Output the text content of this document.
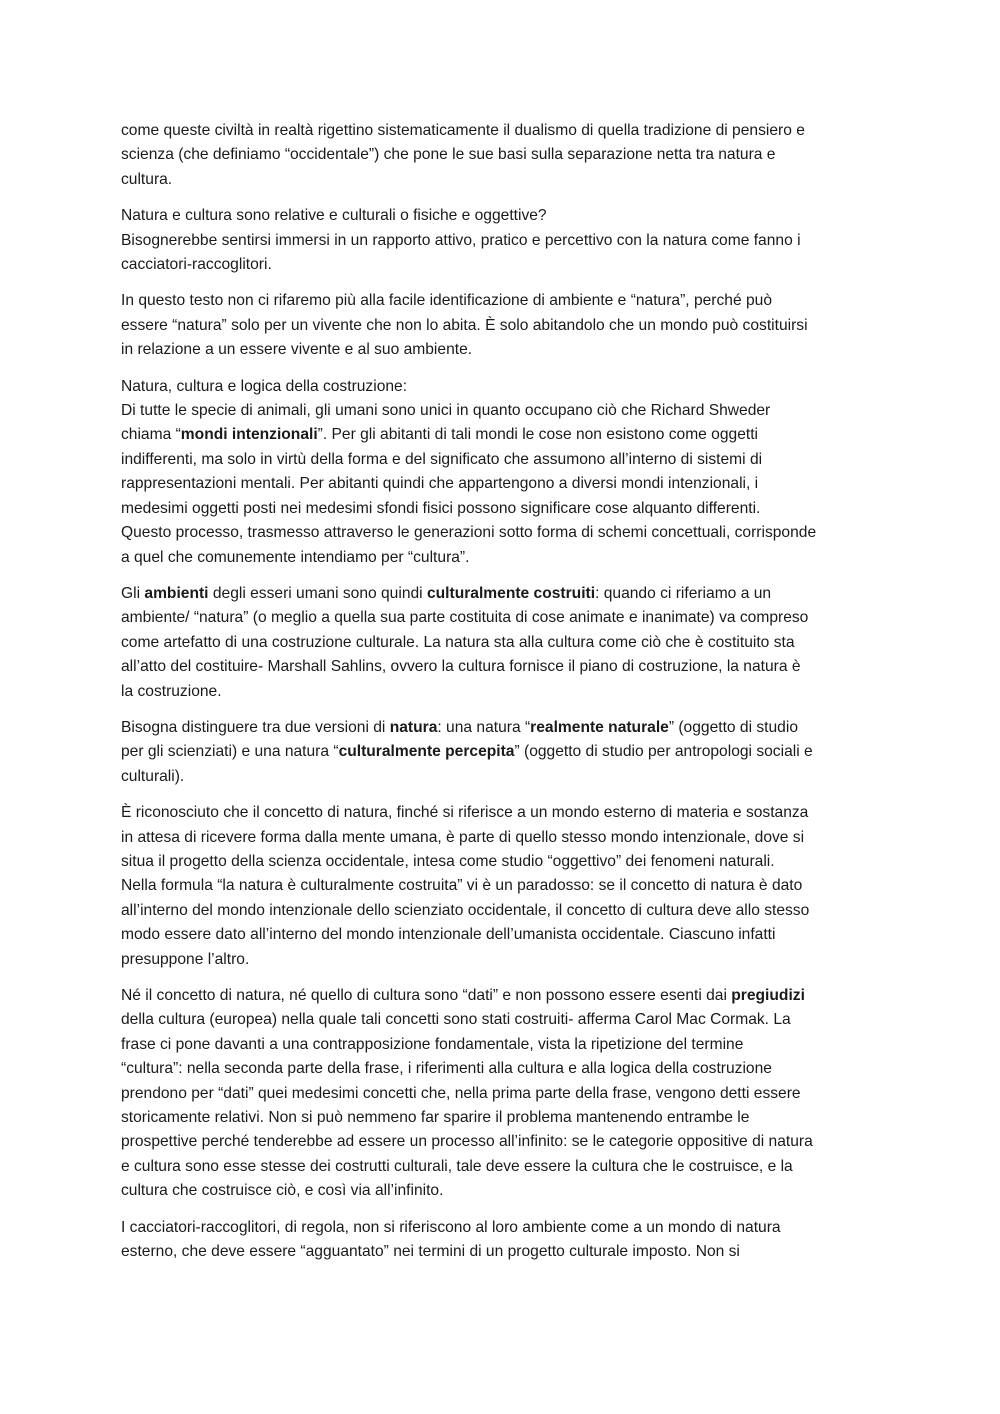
come queste civiltà in realtà rigettino sistematicamente il dualismo di quella tradizione di pensiero e
scienza (che definiamo “occidentale”) che pone le sue basi sulla separazione netta tra natura e
cultura.

Natura e cultura sono relative e culturali o fisiche e oggettive?
Bisognerebbe sentirsi immersi in un rapporto attivo, pratico e percettivo con la natura come fanno i
cacciatori-raccoglitori.

In questo testo non ci rifaremo più alla facile identificazione di ambiente e “natura”, perché può
essere “natura” solo per un vivente che non lo abita. È solo abitandolo che un mondo può costituirsi
in relazione a un essere vivente e al suo ambiente.

Natura, cultura e logica della costruzione:
Di tutte le specie di animali, gli umani sono unici in quanto occupano ciò che Richard Shweder
chiama “mondi intenzionali”. Per gli abitanti di tali mondi le cose non esistono come oggetti
indifferenti, ma solo in virtù della forma e del significato che assumono all’interno di sistemi di
rappresentazioni mentali. Per abitanti quindi che appartengono a diversi mondi intenzionali, i
medesimi oggetti posti nei medesimi sfondi fisici possono significare cose alquanto differenti.
Questo processo, trasmesso attraverso le generazioni sotto forma di schemi concettuali, corrisponde
a quel che comunemente intendiamo per “cultura”.

Gli ambienti degli esseri umani sono quindi culturalmente costruiti: quando ci riferiamo a un
ambiente/ “natura” (o meglio a quella sua parte costituita di cose animate e inanimate) va compreso
come artefatto di una costruzione culturale. La natura sta alla cultura come ciò che è costituito sta
all’atto del costituire- Marshall Sahlins, ovvero la cultura fornisce il piano di costruzione, la natura è
la costruzione.

Bisogna distinguere tra due versioni di natura: una natura “realmente naturale” (oggetto di studio
per gli scienziati) e una natura “culturalmente percepita” (oggetto di studio per antropologi sociali e
culturali).

È riconosciuto che il concetto di natura, finché si riferisce a un mondo esterno di materia e sostanza
in attesa di ricevere forma dalla mente umana, è parte di quello stesso mondo intenzionale, dove si
situa il progetto della scienza occidentale, intesa come studio “oggettivo” dei fenomeni naturali.
Nella formula “la natura è culturalmente costruita” vi è un paradosso: se il concetto di natura è dato
all’interno del mondo intenzionale dello scienziato occidentale, il concetto di cultura deve allo stesso
modo essere dato all’interno del mondo intenzionale dell’umanista occidentale. Ciascuno infatti
presuppone l’altro.

Né il concetto di natura, né quello di cultura sono “dati” e non possono essere esenti dai pregiudizi
della cultura (europea) nella quale tali concetti sono stati costruiti- afferma Carol Mac Cormak. La
frase ci pone davanti a una contrapposizione fondamentale, vista la ripetizione del termine
“cultura”: nella seconda parte della frase, i riferimenti alla cultura e alla logica della costruzione
prendono per “dati” quei medesimi concetti che, nella prima parte della frase, vengono detti essere
storicamente relativi. Non si può nemmeno far sparire il problema mantenendo entrambe le
prospettive perché tenderebbe ad essere un processo all’infinito: se le categorie oppositive di natura
e cultura sono esse stesse dei costrutti culturali, tale deve essere la cultura che le costruisce, e la
cultura che costruisce ciò, e così via all’infinito.

I cacciatori-raccoglitori, di regola, non si riferiscono al loro ambiente come a un mondo di natura
esterno, che deve essere “agguantato” nei termini di un progetto culturale imposto. Non si
